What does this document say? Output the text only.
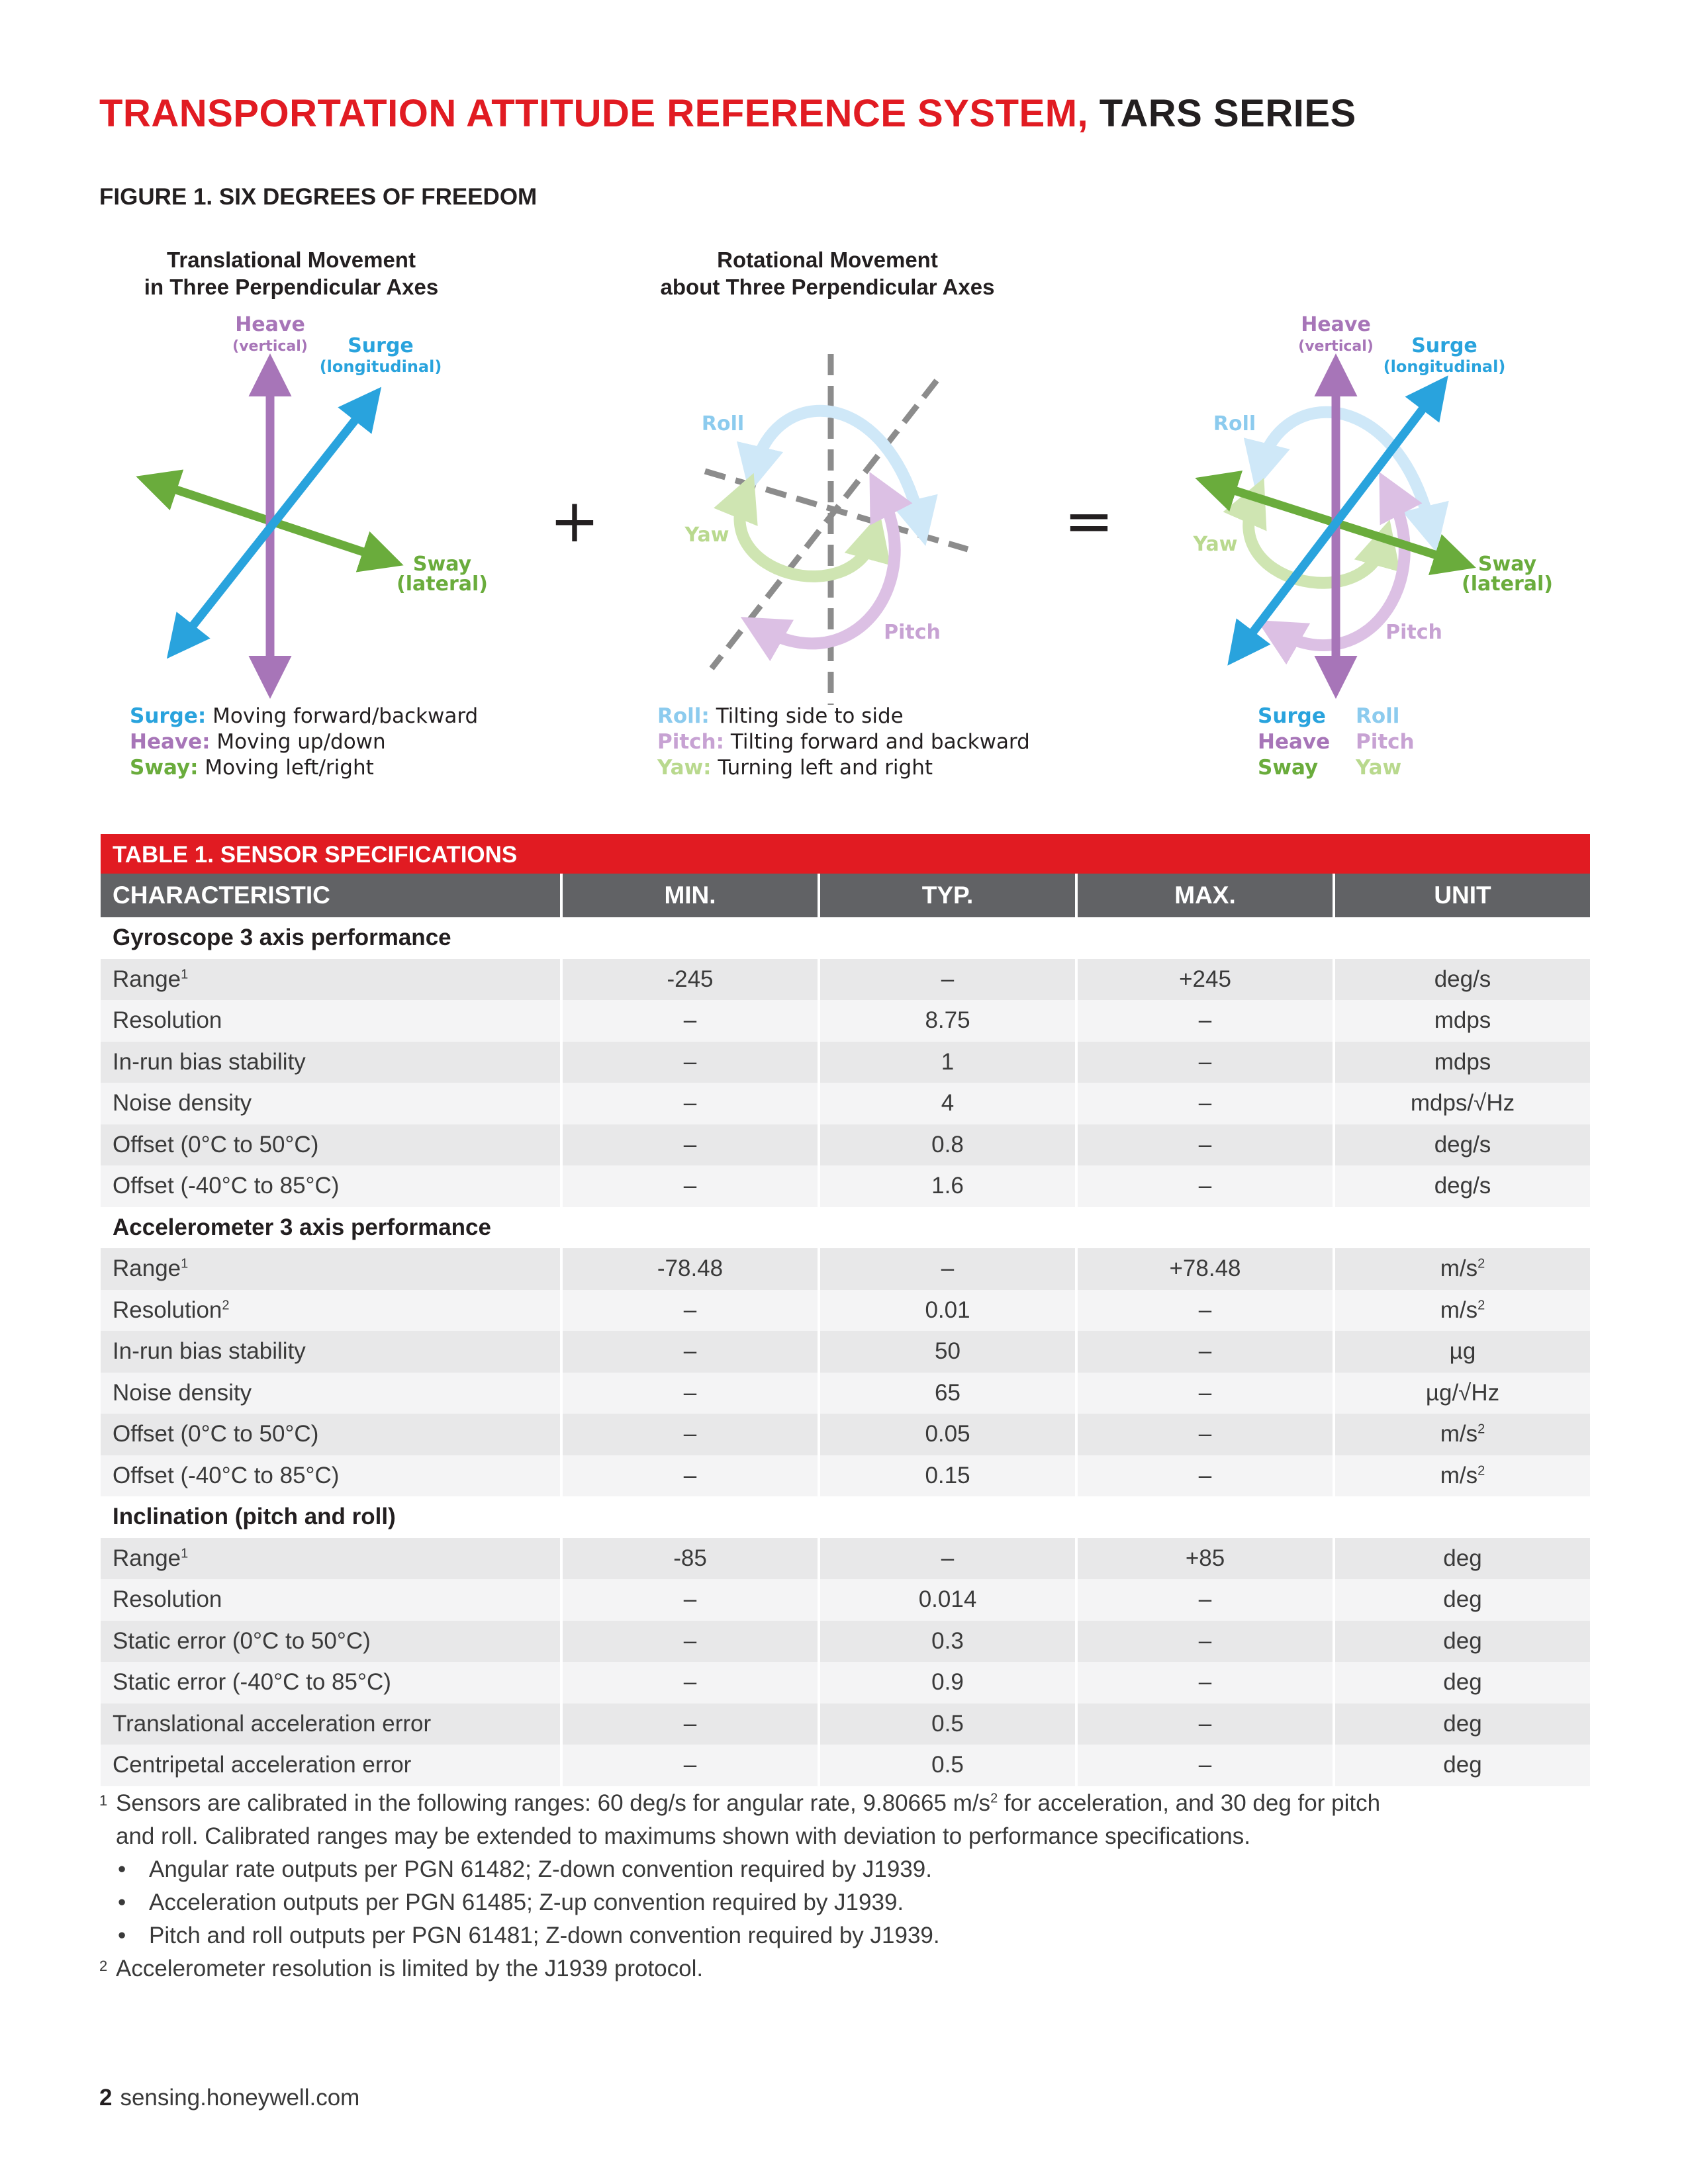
TRANSPORTATION ATTITUDE REFERENCE SYSTEM, TARS SERIES
FIGURE 1. SIX DEGREES OF FREEDOM
Translational Movement
in Three Perpendicular Axes
Rotational Movement
about Three Perpendicular Axes
Heave
(vertical) Surge
(longitudinal)
Sway
(lateral)
+
Roll
Yaw
Pitch
=
Heave
(vertical) Surge
(longitudinal)
Roll
Yaw
Sway
(lateral)
Pitch
Surge: Moving forward/backward
Heave: Moving up/down
Sway: Moving left/right
Roll: Tilting side to side
Pitch: Tilting forward and backward
Yaw: Turning left and right
Surge
Heave
Sway
Roll
Pitch
Yaw
TABLE 1. SENSOR SPECIFICATIONS
CHARACTERISTIC	MIN.	TYP.	MAX.	UNIT
Gyroscope 3 axis performance				
Range$^1$	-245	–	+245	deg/s
Resolution	–	8.75	–	mdps
In-run bias stability	–	1	–	mdps
Noise density	–	4	–	mdps/√Hz
Offset (0°C to 50°C)	–	0.8	–	deg/s
Offset (-40°C to 85°C)	–	1.6	–	deg/s
Accelerometer 3 axis performance				
Range$^1$	-78.48	–	+78.48	$m/s^2$
Resolution$^2$	–	0.01	–	$m/s^2$
In-run bias stability	–	50	–	µg
Noise density	–	65	–	µg/√Hz
Offset (0°C to 50°C)	–	0.05	–	$m/s^2$
Offset (-40°C to 85°C)	–	0.15	–	$m/s^2$
Inclination (pitch and roll)				
Range$^1$	-85	–	+85	deg
Resolution	–	0.014	–	deg
Static error (0°C to 50°C)	–	0.3	–	deg
Static error (-40°C to 85°C)	–	0.9	–	deg
Translational acceleration error	–	0.5	–	deg
Centripetal acceleration error	–	0.5	–	deg
1 Sensors are calibrated in the following ranges: 60 deg/s for angular rate, 9.80665 $m/s^2$ for acceleration, and 30 deg for pitch
and roll. Calibrated ranges may be extended to maximums shown with deviation to performance specifications.
• Angular rate outputs per PGN 61482; Z-down convention required by J1939.
• Acceleration outputs per PGN 61485; Z-up convention required by J1939.
• Pitch and roll outputs per PGN 61481; Z-down convention required by J1939.
2 Accelerometer resolution is limited by the J1939 protocol.
2 sensing.honeywell.com
